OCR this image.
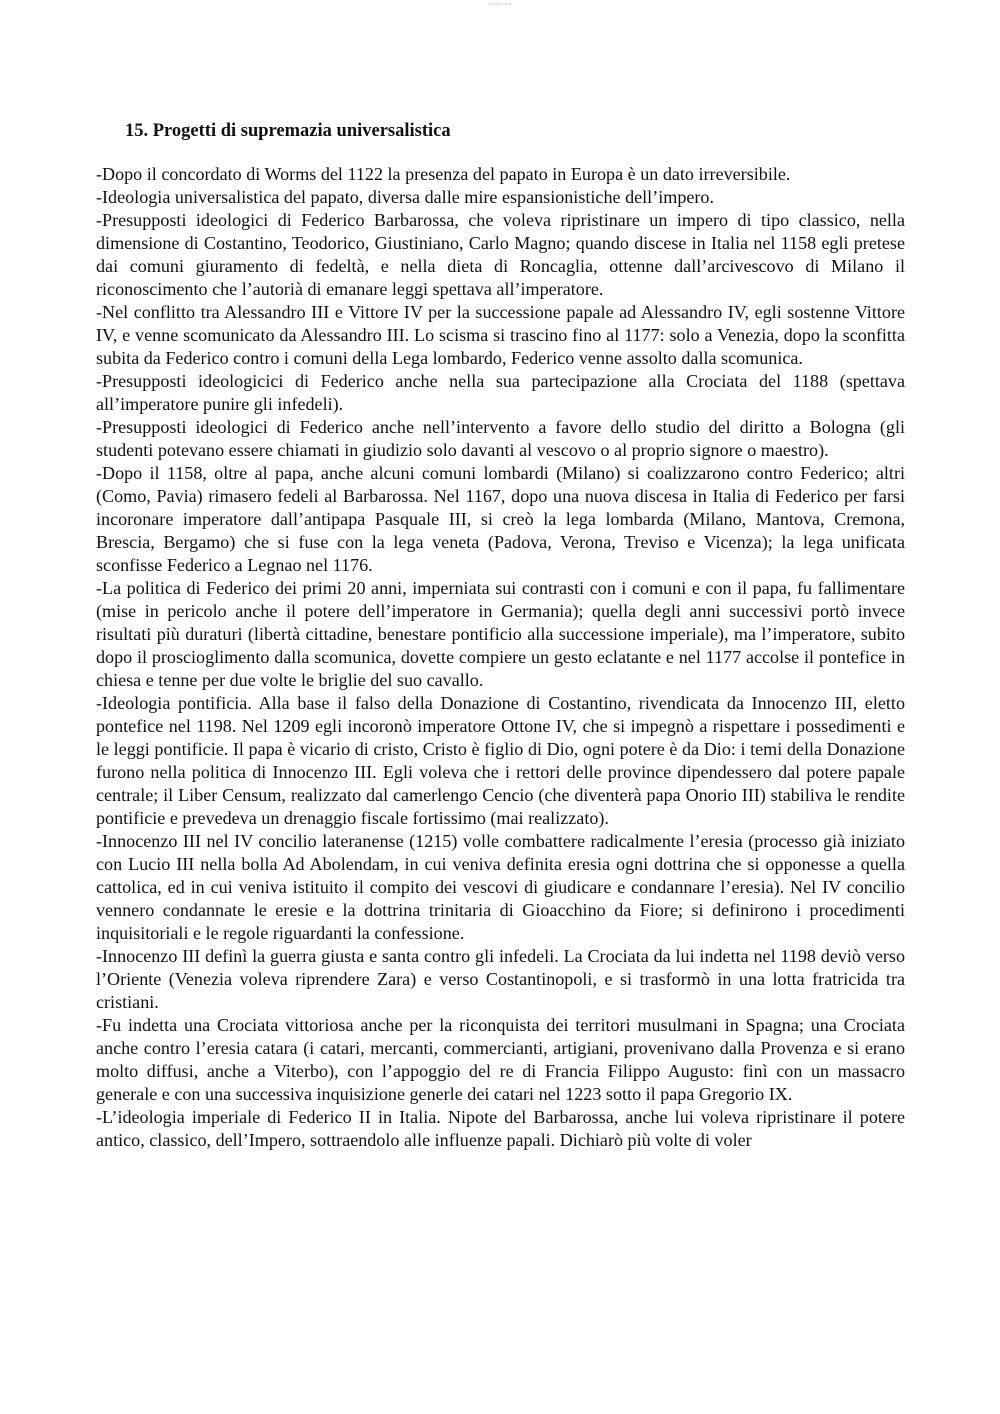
pdfelement
15. Progetti di supremazia universalistica

-Dopo il concordato di Worms del 1122 la presenza del papato in Europa è un dato irreversibile.

-Ideologia universalistica del papato, diversa dalle mire espansionistiche dell’impero.

-Presupposti ideologici di Federico Barbarossa, che voleva ripristinare un impero di tipo classico, nella dimensione di Costantino, Teodorico, Giustiniano, Carlo Magno; quando discese in Italia nel 1158 egli pretese dai comuni giuramento di fedeltà, e nella dieta di Roncaglia, ottenne dall’arcivescovo di Milano il riconoscimento che l’autorià di emanare leggi spettava all’imperatore.

-Nel conflitto tra Alessandro III e Vittore IV per la successione papale ad Alessandro IV, egli sostenne Vittore IV, e venne scomunicato da Alessandro III. Lo scisma si trascino fino al 1177: solo a Venezia, dopo la sconfitta subita da Federico contro i comuni della Lega lombardo, Federico venne assolto dalla scomunica.

-Presupposti ideologicici di Federico anche nella sua partecipazione alla Crociata del 1188 (spettava all’imperatore punire gli infedeli).

-Presupposti ideologici di Federico anche nell’intervento a favore dello studio del diritto a Bologna (gli studenti potevano essere chiamati in giudizio solo davanti al vescovo o al proprio signore o maestro).

-Dopo il 1158, oltre al papa, anche alcuni comuni lombardi (Milano) si coalizzarono contro Federico; altri (Como, Pavia) rimasero fedeli al Barbarossa. Nel 1167, dopo una nuova discesa in Italia di Federico per farsi incoronare imperatore dall’antipapa Pasquale III, si creò la lega lombarda (Milano, Mantova, Cremona, Brescia, Bergamo) che si fuse con la lega veneta (Padova, Verona, Treviso e Vicenza); la lega unificata sconfisse Federico a Legnao nel 1176.

-La politica di Federico dei primi 20 anni, imperniata sui contrasti con i comuni e con il papa, fu fallimentare (mise in pericolo anche il potere dell’imperatore in Germania); quella degli anni successivi portò invece risultati più duraturi (libertà cittadine, benestare pontificio alla successione imperiale), ma l’imperatore, subito dopo il proscioglimento dalla scomunica, dovette compiere un gesto eclatante e nel 1177 accolse il pontefice in chiesa e tenne per due volte le briglie del suo cavallo.

-Ideologia pontificia. Alla base il falso della Donazione di Costantino, rivendicata da Innocenzo III, eletto pontefice nel 1198. Nel 1209 egli incoronò imperatore Ottone IV, che si impegnò a rispettare i possedimenti e le leggi pontificie. Il papa è vicario di cristo, Cristo è figlio di Dio, ogni potere è da Dio: i temi della Donazione furono nella politica di Innocenzo III. Egli voleva che i rettori delle province dipendessero dal potere papale centrale; il Liber Censum, realizzato dal camerlengo Cencio (che diventerà papa Onorio III) stabiliva le rendite pontificie e prevedeva un drenaggio fiscale fortissimo (mai realizzato).

-Innocenzo III nel IV concilio lateranense (1215) volle combattere radicalmente l’eresia (processo già iniziato con Lucio III nella bolla Ad Abolendam, in cui veniva definita eresia ogni dottrina che si opponesse a quella cattolica, ed in cui veniva istituito il compito dei vescovi di giudicare e condannare l’eresia). Nel IV concilio vennero condannate le eresie e la dottrina trinitaria di Gioacchino da Fiore; si definirono i procedimenti inquisitoriali e le regole riguardanti la confessione.

-Innocenzo III definì la guerra giusta e santa contro gli infedeli. La Crociata da lui indetta nel 1198 deviò verso l’Oriente (Venezia voleva riprendere Zara) e verso Costantinopoli, e si trasformò in una lotta fratricida tra cristiani.

-Fu indetta una Crociata vittoriosa anche per la riconquista dei territori musulmani in Spagna; una Crociata anche contro l’eresia catara (i catari, mercanti, commercianti, artigiani, provenivano dalla Provenza e si erano molto diffusi, anche a Viterbo), con l’appoggio del re di Francia Filippo Augusto: finì con un massacro generale e con una successiva inquisizione generle dei catari nel 1223 sotto il papa Gregorio IX.

-L’ideologia imperiale di Federico II in Italia. Nipote del Barbarossa, anche lui voleva ripristinare il potere antico, classico, dell’Impero, sottraendolo alle influenze papali. Dichiarò più volte di voler
